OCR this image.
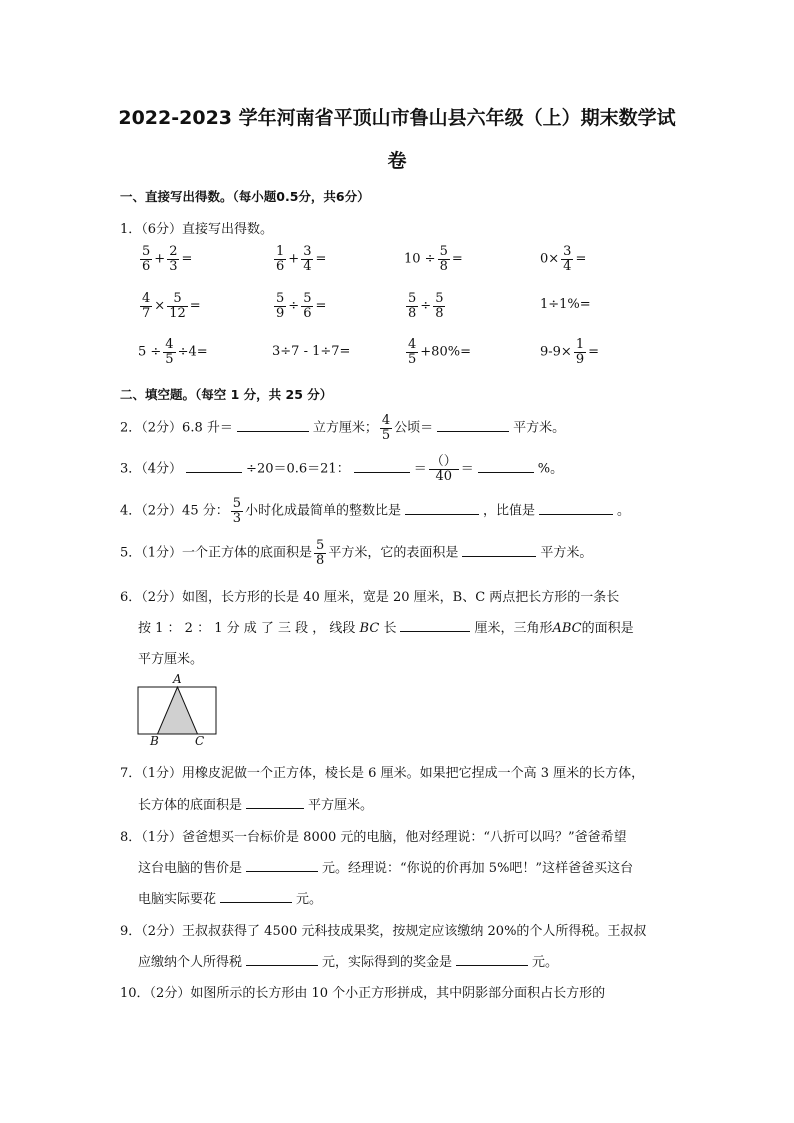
2022-2023 学年河南省平顶山市鲁山县六年级（上）期末数学试
卷
一、直接写出得数。（每小题0.5分，共6分）
1．（6分）直接写出得数。
$\frac{5}{6} + \frac{2}{3}$ =	$\frac{1}{6} + \frac{3}{4}$ =	$10 \div \frac{5}{8}$ =	$0\times \frac{3}{4}$ =
$\frac{4}{7} \times \frac{5}{12}$ =	$\frac{5}{9} \div \frac{5}{6}$ =	$\frac{5}{8} \div \frac{5}{8}$	1÷1%=
$5 \div \frac{4}{5} \div 4=$	3÷7 - 1÷7=	$\frac{4}{5} +80\%=$	$9-9\times \frac{1}{9}$ =
二、填空题。（每空 1 分，共 25 分）
2．（2分）6.8 升＝	立方厘米； $\frac{4}{5}$ 公顷＝	平方米。
3．（4分）	÷20＝0.6＝21：	＝ $\frac{()}{40}$ ＝	%。
4．（2分）45 分： $\frac{5}{3}$ 小时化成最简单的整数比是	，比值是	。
5．（1分）一个正方体的底面积是 $\frac{5}{8}$ 平方米，它的表面积是	平方米。
6．（2分）如图，长方形的长是 40 厘米，宽是 20 厘米，B、C 两点把长方形的一条长
按 1 ： 2 ： 1 分 成 了 三 段 ， 线段 BC 长	厘米，三角形ABC的面积是
平方厘米。
A
B	C
7．（1分）用橡皮泥做一个正方体，棱长是 6 厘米。如果把它捏成一个高 3 厘米的长方体，
长方体的底面积是	平方厘米。
8．（1分）爸爸想买一台标价是 8000 元的电脑，他对经理说：“八折可以吗？”爸爸希望
这台电脑的售价是	元。经理说：“你说的价再加 5%吧！”这样爸爸买这台
电脑实际要花	元。
9．（2分）王叔叔获得了 4500 元科技成果奖，按规定应该缴纳 20%的个人所得税。王叔叔
应缴纳个人所得税	元，实际得到的奖金是	元。
10．（2分）如图所示的长方形由 10 个小正方形拼成，其中阴影部分面积占长方形的
